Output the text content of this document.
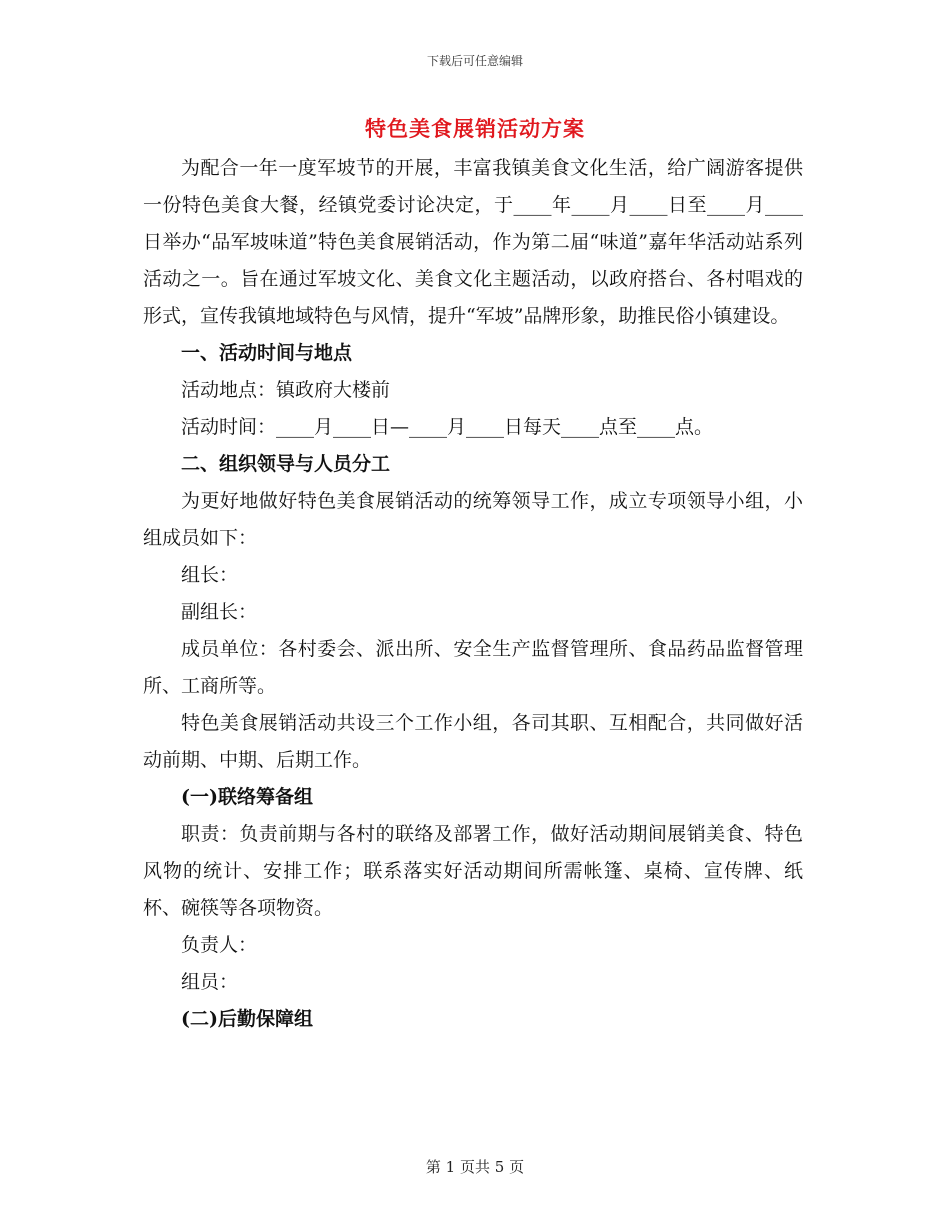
下载后可任意编辑
特色美食展销活动方案

为配合一年一度军坡节的开展，丰富我镇美食文化生活，给广阔游客提供一份特色美食大餐，经镇党委讨论决定，于____年____月____日至____月____日举办“品军坡味道”特色美食展销活动，作为第二届“味道”嘉年华活动站系列活动之一。旨在通过军坡文化、美食文化主题活动，以政府搭台、各村唱戏的形式，宣传我镇地域特色与风情，提升“军坡”品牌形象，助推民俗小镇建设。

一、活动时间与地点

活动地点：镇政府大楼前

活动时间：____月____日—____月____日每天____点至____点。

二、组织领导与人员分工

为更好地做好特色美食展销活动的统筹领导工作，成立专项领导小组，小组成员如下：

组长：

副组长：

成员单位：各村委会、派出所、安全生产监督管理所、食品药品监督管理所、工商所等。

特色美食展销活动共设三个工作小组，各司其职、互相配合，共同做好活动前期、中期、后期工作。

(一)联络筹备组

职责：负责前期与各村的联络及部署工作，做好活动期间展销美食、特色风物的统计、安排工作；联系落实好活动期间所需帐篷、桌椅、宣传牌、纸杯、碗筷等各项物资。

负责人：

组员：

(二)后勤保障组

第 1 页共 5 页
